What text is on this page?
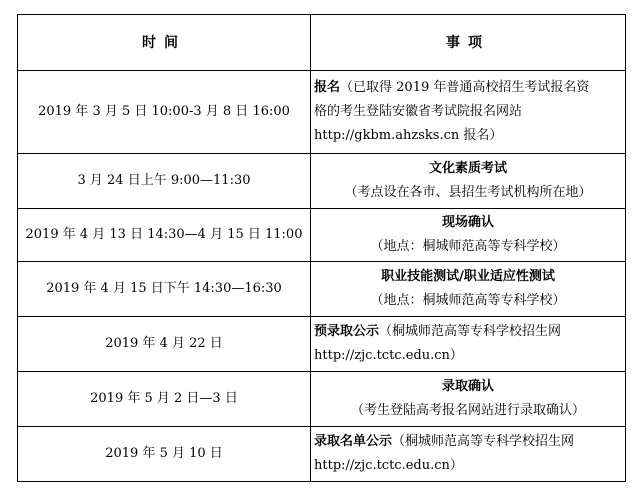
时间	事项
2019 年 3 月 5 日 10:00-3 月 8 日 16:00	报名（已取得 2019 年普通高校招生考试报名资
格的考生登陆安徽省考试院报名网站
http://gkbm.ahzsks.cn 报名）

3 月 24 日上午 9:00—11:30	文化素质考试
（考点设在各市、县招生考试机构所在地）

2019 年 4 月 13 日 14:30—4 月 15 日 11:00	现场确认
（地点：桐城师范高等专科学校）

2019 年 4 月 15 日下午 14:30—16:30	职业技能测试/职业适应性测试
（地点：桐城师范高等专科学校）

2019 年 4 月 22 日	预录取公示（桐城师范高等专科学校招生网
http://zjc.tctc.edu.cn）

2019 年 5 月 2 日—3 日	录取确认
（考生登陆高考报名网站进行录取确认）

2019 年 5 月 10 日	录取名单公示（桐城师范高等专科学校招生网
http://zjc.tctc.edu.cn）
